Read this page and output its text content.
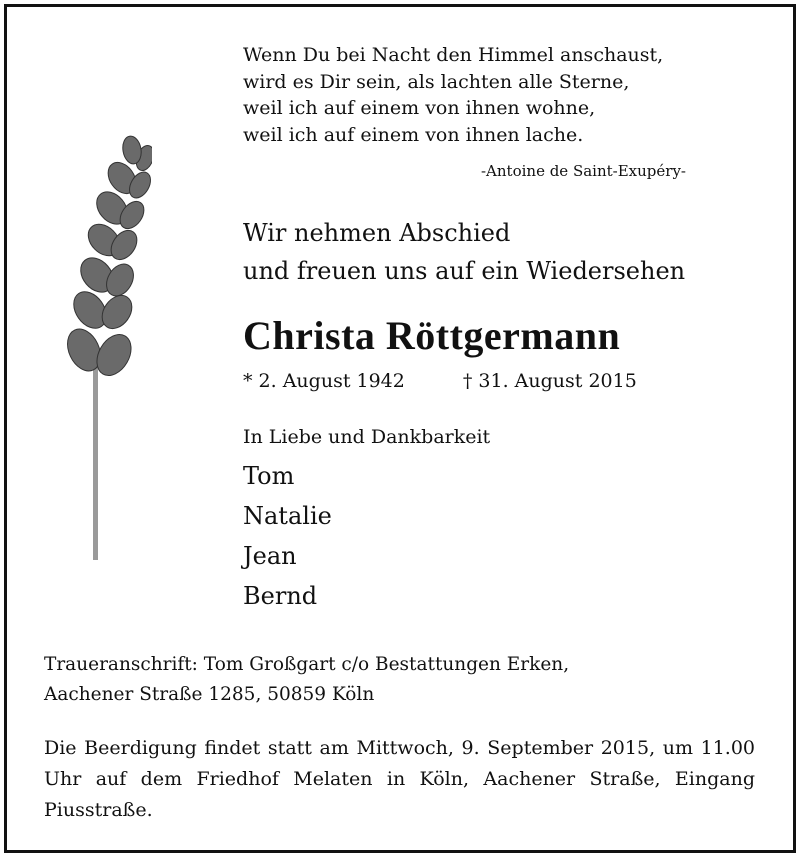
Wenn Du bei Nacht den Himmel anschaust,
wird es Dir sein, als lachten alle Sterne,
weil ich auf einem von ihnen wohne,
weil ich auf einem von ihnen lache.
-Antoine de Saint-Exupéry-
Wir nehmen Abschied
und freuen uns auf ein Wiedersehen
Christa Röttgermann
* 2. August 1942	† 31. August 2015
In Liebe und Dankbarkeit
Tom
Natalie
Jean
Bernd
Traueranschrift: Tom Großgart c/o Bestattungen Erken,
Aachener Straße 1285, 50859 Köln
Die Beerdigung findet statt am Mittwoch, 9. September 2015, um 11.00 Uhr auf dem Friedhof Melaten in Köln, Aachener Straße, Eingang Piusstraße.
